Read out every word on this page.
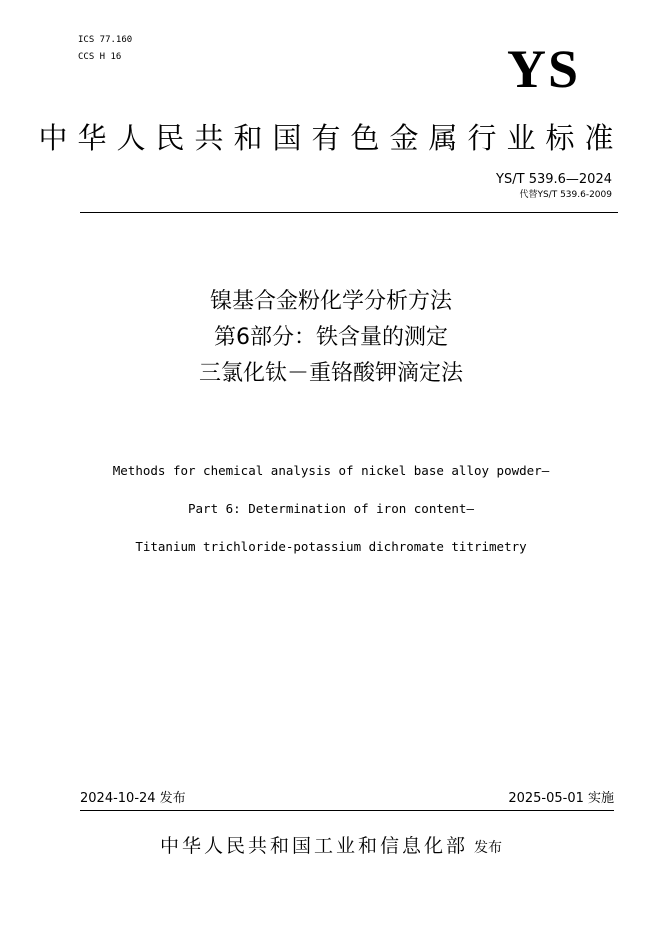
ICS 77.160
CCS H 16	YS
中华人民共和国有色金属行业标准
YS/T 539.6—2024
代替YS/T 539.6-2009
镍基合金粉化学分析方法
第6部分：铁含量的测定
三氯化钛－重铬酸钾滴定法
Methods for chemical analysis of nickel base alloy powder—
Part 6: Determination of iron content—
Titanium trichloride-potassium dichromate titrimetry
2024-10-24 发布	2025-05-01 实施
中华人民共和国工业和信息化部 发布
